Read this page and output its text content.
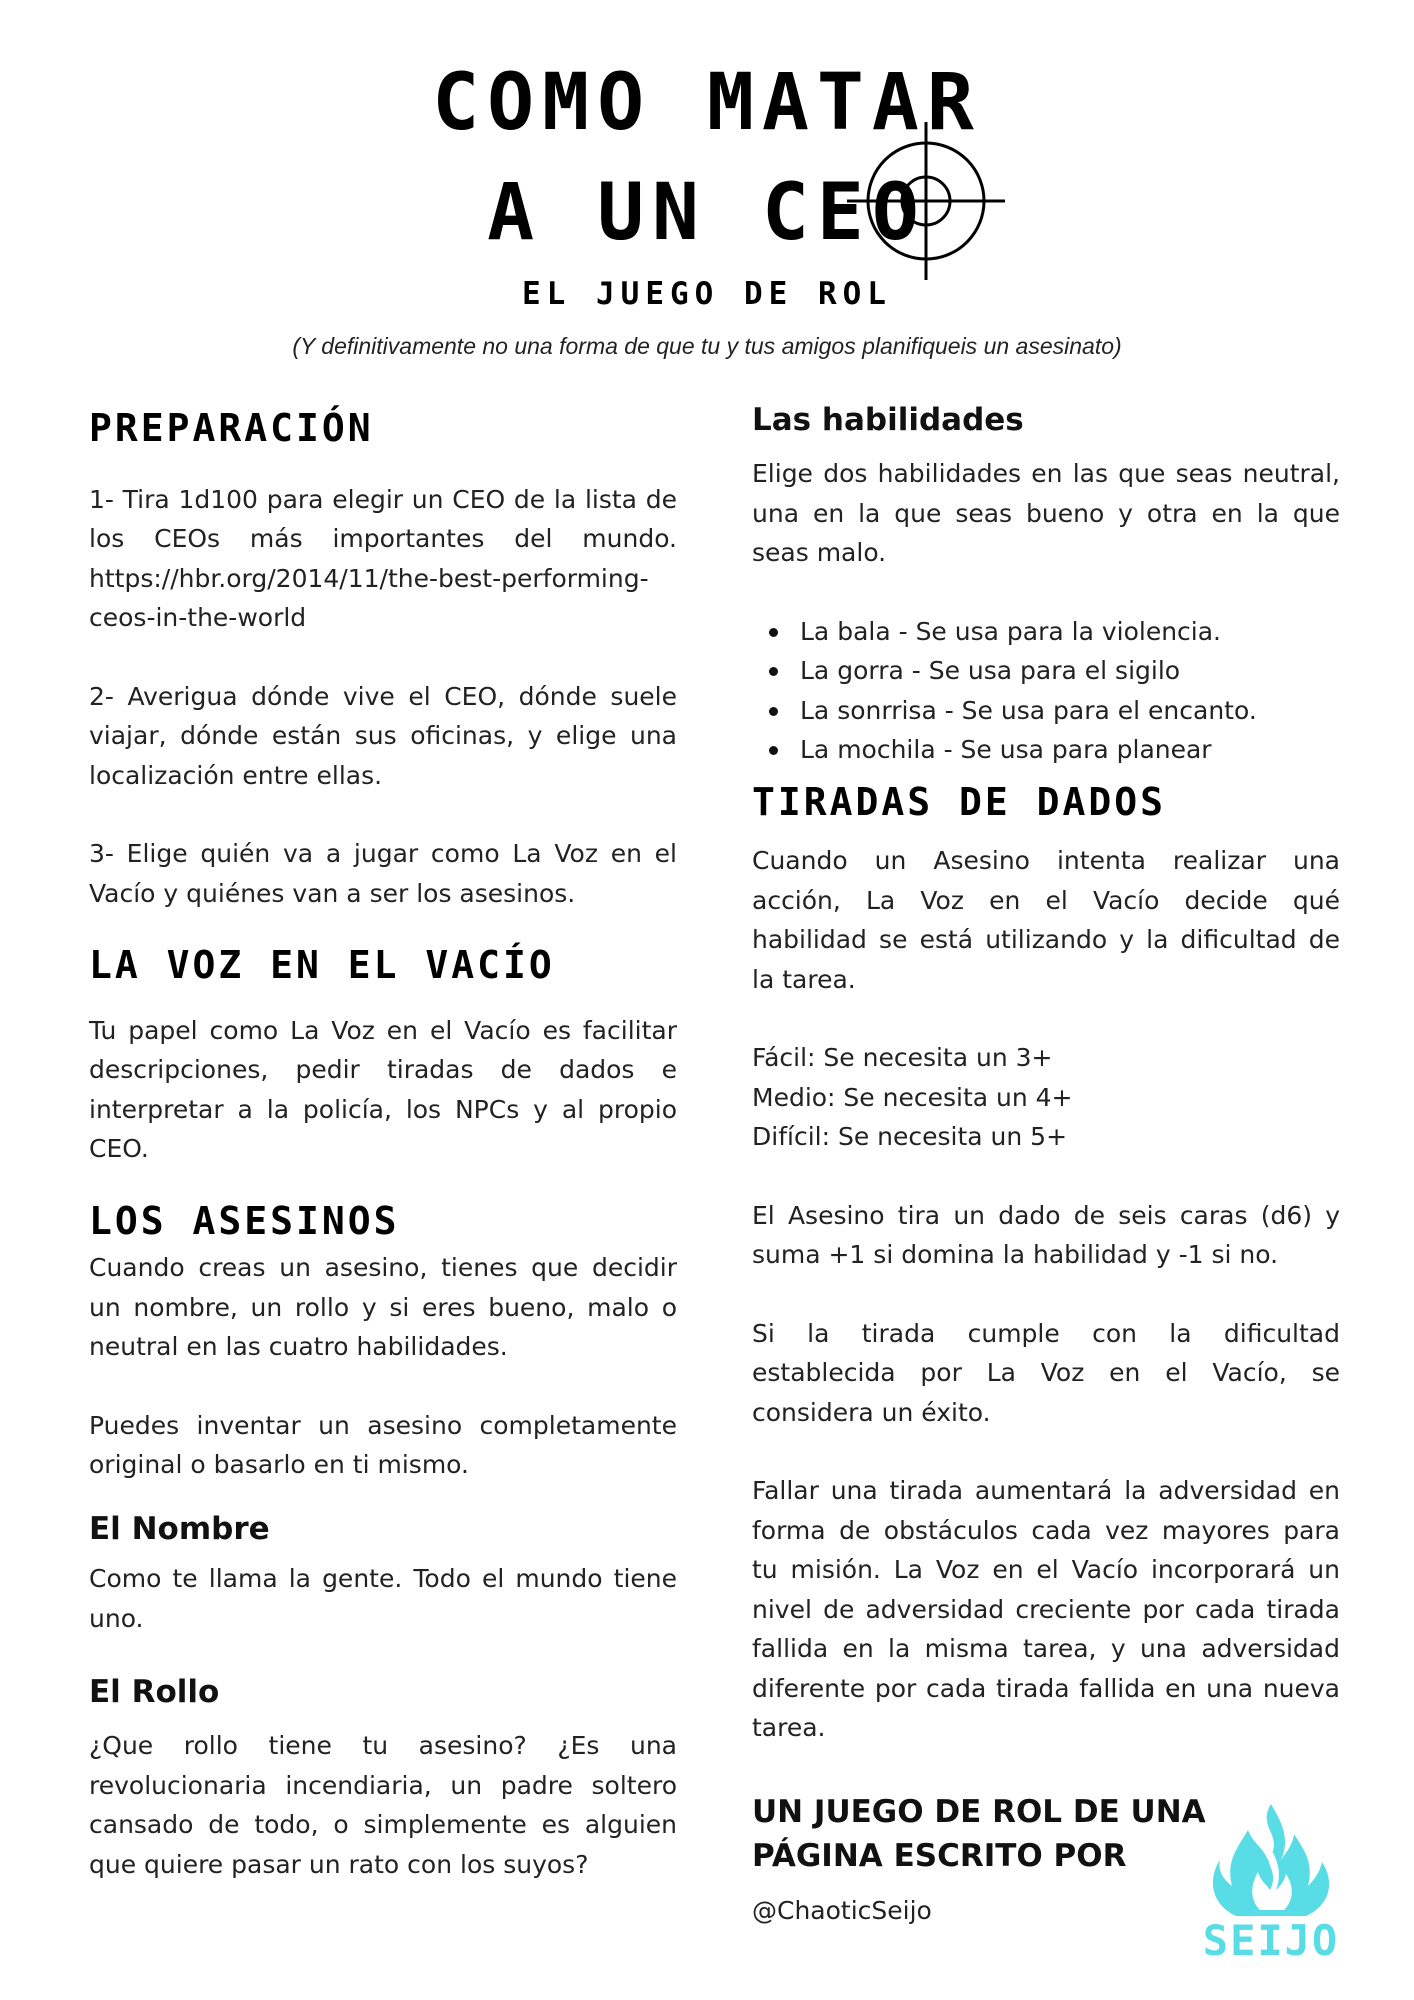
COMO MATAR
A UN CEO
EL JUEGO DE ROL

(Y definitivamente no una forma de que tu y tus amigos planifiqueis un asesinato)

PREPARACIÓN

1- Tira 1d100 para elegir un CEO de la lista de los CEOs más importantes del mundo. https://hbr.org/2014/11/the-best-performing-ceos-in-the-world

2- Averigua dónde vive el CEO, dónde suele viajar, dónde están sus oficinas, y elige una localización entre ellas.

3- Elige quién va a jugar como La Voz en el Vacío y quiénes van a ser los asesinos.

LA VOZ EN EL VACÍO

Tu papel como La Voz en el Vacío es facilitar descripciones, pedir tiradas de dados e interpretar a la policía, los NPCs y al propio CEO.

LOS ASESINOS

Cuando creas un asesino, tienes que decidir un nombre, un rollo y si eres bueno, malo o neutral en las cuatro habilidades.

Puedes inventar un asesino completamente original o basarlo en ti mismo.

El Nombre

Como te llama la gente. Todo el mundo tiene uno.

El Rollo

¿Que rollo tiene tu asesino? ¿Es una revolucionaria incendiaria, un padre soltero cansado de todo, o simplemente es alguien que quiere pasar un rato con los suyos?

Las habilidades

Elige dos habilidades en las que seas neutral, una en la que seas bueno y otra en la que seas malo.

La bala - Se usa para la violencia.
La gorra - Se usa para el sigilo
La sonrrisa - Se usa para el encanto.
La mochila - Se usa para planear
TIRADAS DE DADOS

Cuando un Asesino intenta realizar una acción, La Voz en el Vacío decide qué habilidad se está utilizando y la dificultad de la tarea.

Fácil: Se necesita un 3+
Medio: Se necesita un 4+
Difícil: Se necesita un 5+

El Asesino tira un dado de seis caras (d6) y suma +1 si domina la habilidad y -1 si no.

Si la tirada cumple con la dificultad establecida por La Voz en el Vacío, se considera un éxito.

Fallar una tirada aumentará la adversidad en forma de obstáculos cada vez mayores para tu misión. La Voz en el Vacío incorporará un nivel de adversidad creciente por cada tirada fallida en la misma tarea, y una adversidad diferente por cada tirada fallida en una nueva tarea.

UN JUEGO DE ROL DE UNA PÁGINA ESCRITO POR

@ChaoticSeijo

SEIJO
